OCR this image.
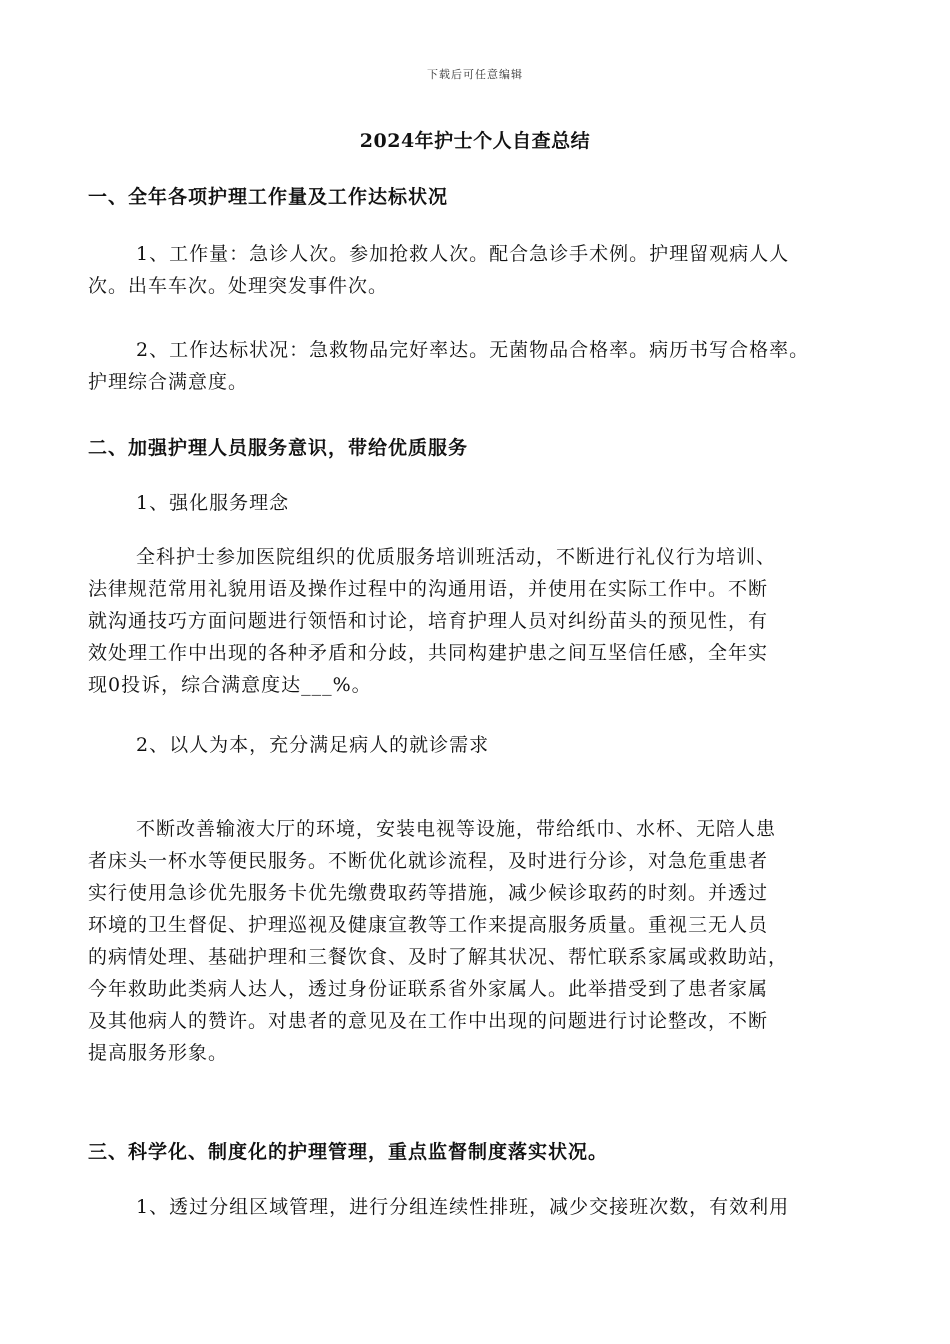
下载后可任意编辑
2024年护士个人自查总结
一、全年各项护理工作量及工作达标状况
1、工作量：急诊人次。参加抢救人次。配合急诊手术例。护理留观病人人
次。出车车次。处理突发事件次。
2、工作达标状况：急救物品完好率达。无菌物品合格率。病历书写合格率。
护理综合满意度。
二、加强护理人员服务意识，带给优质服务
1、强化服务理念
全科护士参加医院组织的优质服务培训班活动，不断进行礼仪行为培训、
法律规范常用礼貌用语及操作过程中的沟通用语，并使用在实际工作中。不断
就沟通技巧方面问题进行领悟和讨论，培育护理人员对纠纷苗头的预见性，有
效处理工作中出现的各种矛盾和分歧，共同构建护患之间互坚信任感，全年实
现0投诉，综合满意度达___%。
2、以人为本，充分满足病人的就诊需求
不断改善输液大厅的环境，安装电视等设施，带给纸巾、水杯、无陪人患
者床头一杯水等便民服务。不断优化就诊流程，及时进行分诊，对急危重患者
实行使用急诊优先服务卡优先缴费取药等措施，减少候诊取药的时刻。并透过
环境的卫生督促、护理巡视及健康宣教等工作来提高服务质量。重视三无人员
的病情处理、基础护理和三餐饮食、及时了解其状况、帮忙联系家属或救助站，
今年救助此类病人达人，透过身份证联系省外家属人。此举措受到了患者家属
及其他病人的赞许。对患者的意见及在工作中出现的问题进行讨论整改，不断
提高服务形象。
三、科学化、制度化的护理管理，重点监督制度落实状况。
1、透过分组区域管理，进行分组连续性排班，减少交接班次数，有效利用
